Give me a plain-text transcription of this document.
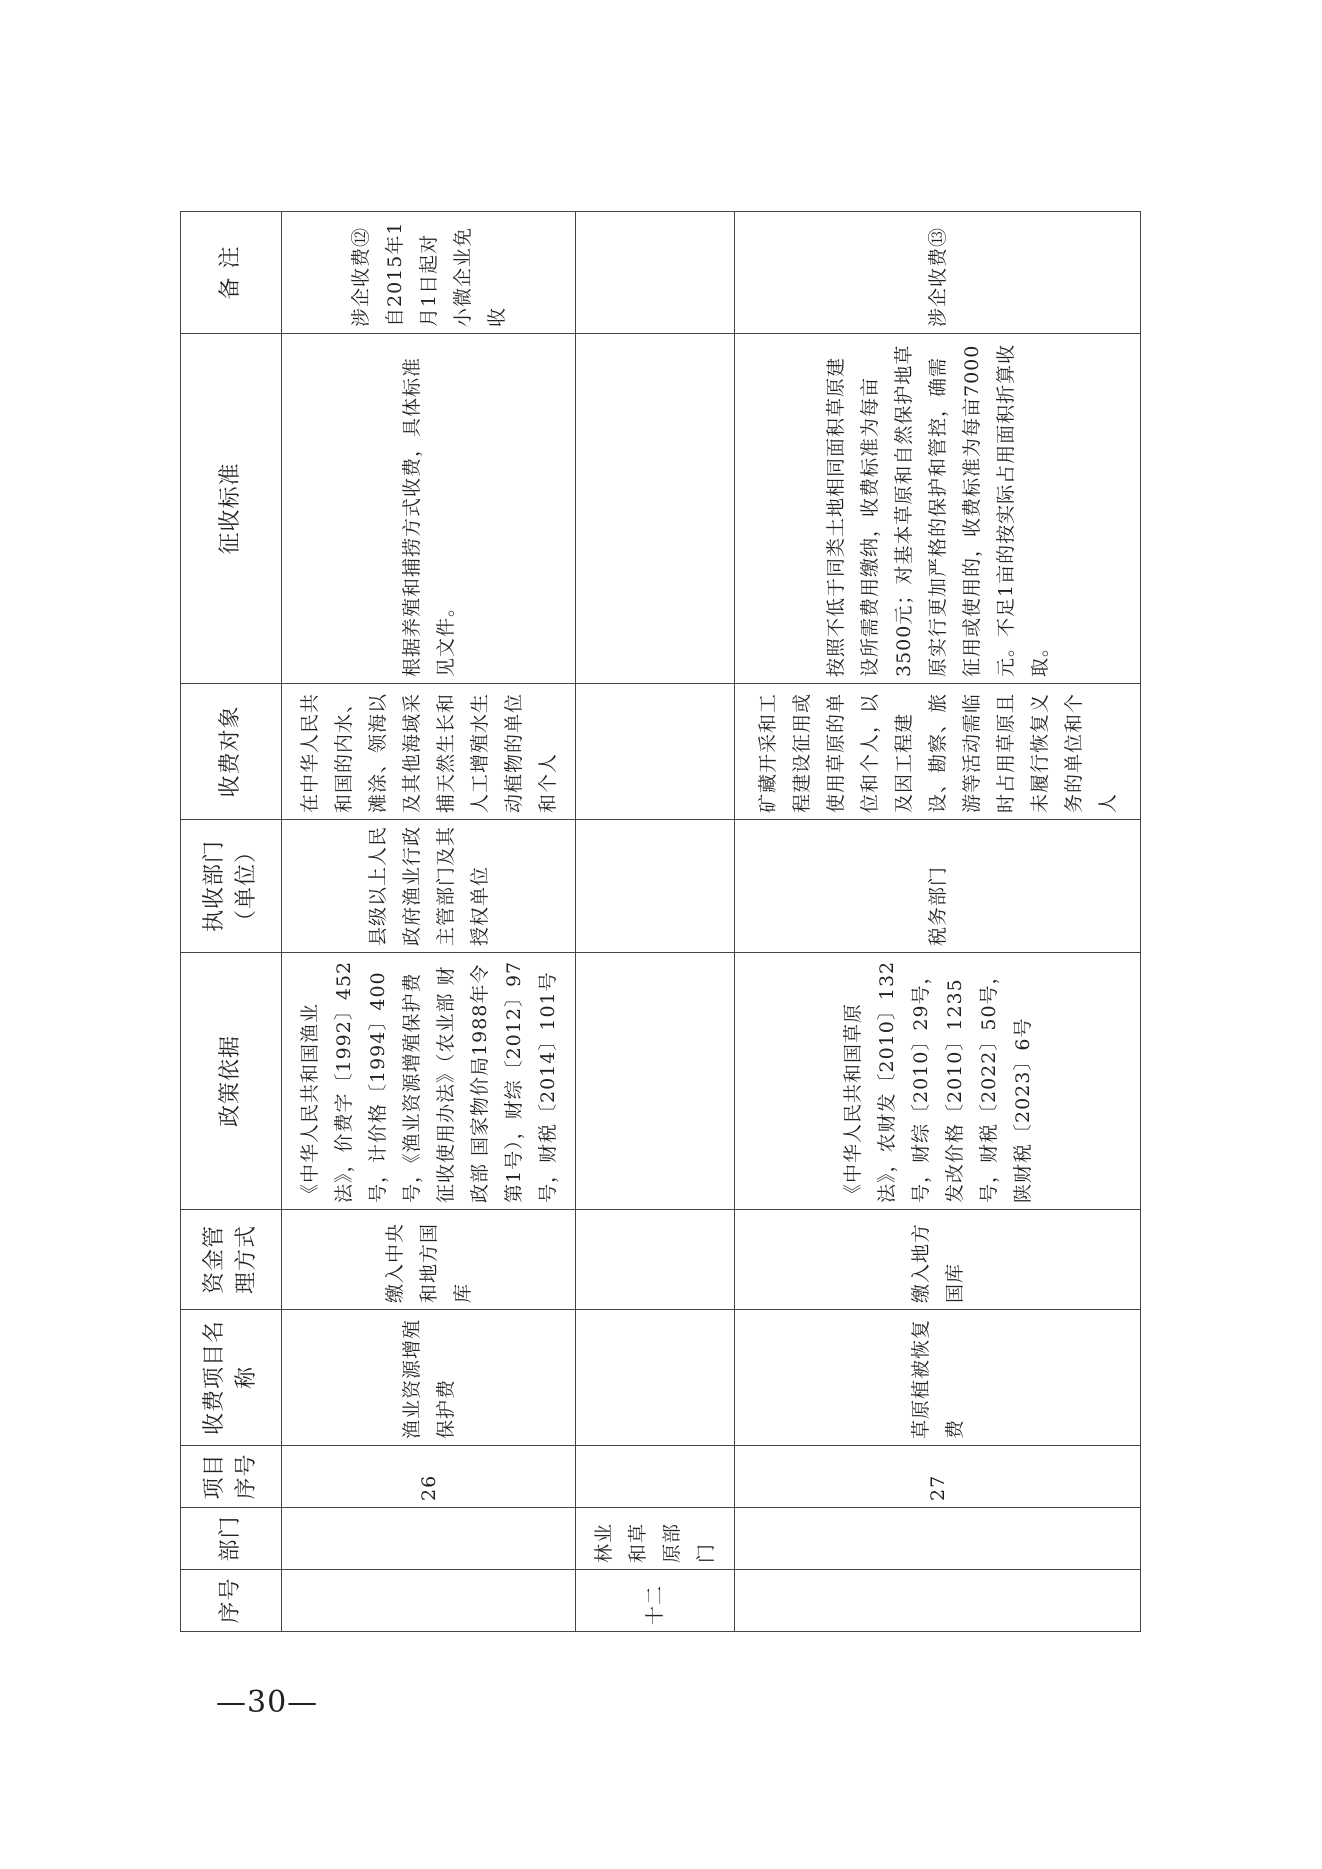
序号	部门	项目序号	收费项目名称	资金管理方式	政策依据	执收部门（单位）	收费对象	征收标准	备 注
		26	渔业资源增殖保护费	缴入中央和地方国库	《中华人民共和国渔业法》，价费字〔1992〕452号，计价格〔1994〕400号，《渔业资源增殖保护费征收使用办法》（农业部 财政部 国家物价局1988年令第1号），财综〔2012〕97号，财税〔2014〕101号	县级以上人民政府渔业行政主管部门及其授权单位	在中华人民共和国的内水、滩涂、领海以及其他海域采捕天然生长和人工增殖水生动植物的单位和个人	根据养殖和捕捞方式收费，具体标准见文件。	涉企收费⑫自2015年1月1日起对小微企业免收
十二	林业和草原部门								
		27	草原植被恢复费	缴入地方国库	《中华人民共和国草原法》，农财发〔2010〕132号，财综〔2010〕29号，发改价格〔2010〕1235号，财税〔2022〕50号，陕财税〔2023〕6号	税务部门	矿藏开采和工程建设征用或使用草原的单位和个人，以及因工程建设、勘察、旅游等活动需临时占用草原且未履行恢复义务的单位和个人	按照不低于同类土地相同面积草原建设所需费用缴纳，收费标准为每亩3500元；对基本草原和自然保护地草原实行更加严格的保护和管控，确需征用或使用的，收费标准为每亩7000元。不足1亩的按实际占用面积折算收取。	涉企收费⑬
—30—
